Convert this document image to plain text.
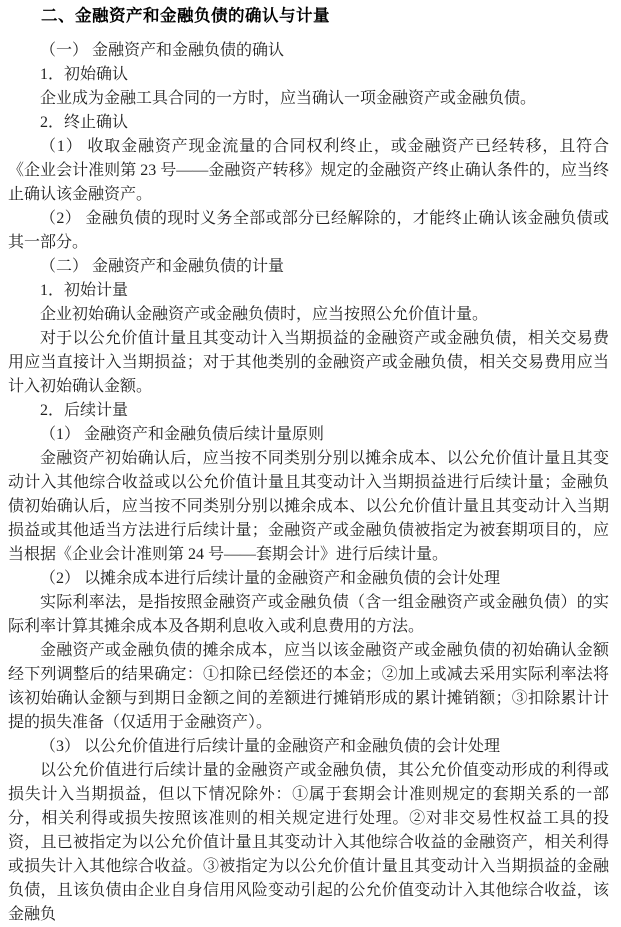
二、金融资产和金融负债的确认与计量

（一） 金融资产和金融负债的确认

1．初始确认

企业成为金融工具合同的一方时，应当确认一项金融资产或金融负债。

2．终止确认

（1） 收取金融资产现金流量的合同权利终止，或金融资产已经转移，且符合《企业会计准则第 23 号——金融资产转移》规定的金融资产终止确认条件的，应当终止确认该金融资产。

（2） 金融负债的现时义务全部或部分已经解除的，才能终止确认该金融负债或其一部分。

（二） 金融资产和金融负债的计量

1．初始计量

企业初始确认金融资产或金融负债时，应当按照公允价值计量。

对于以公允价值计量且其变动计入当期损益的金融资产或金融负债，相关交易费用应当直接计入当期损益；对于其他类别的金融资产或金融负债，相关交易费用应当计入初始确认金额。

2．后续计量

（1） 金融资产和金融负债后续计量原则

金融资产初始确认后，应当按不同类别分别以摊余成本、以公允价值计量且其变动计入其他综合收益或以公允价值计量且其变动计入当期损益进行后续计量；金融负债初始确认后，应当按不同类别分别以摊余成本、以公允价值计量且其变动计入当期损益或其他适当方法进行后续计量；金融资产或金融负债被指定为被套期项目的，应当根据《企业会计准则第 24 号——套期会计》进行后续计量。

（2） 以摊余成本进行后续计量的金融资产和金融负债的会计处理

实际利率法，是指按照金融资产或金融负债（含一组金融资产或金融负债）的实际利率计算其摊余成本及各期利息收入或利息费用的方法。

金融资产或金融负债的摊余成本，应当以该金融资产或金融负债的初始确认金额经下列调整后的结果确定：①扣除已经偿还的本金；②加上或减去采用实际利率法将该初始确认金额与到期日金额之间的差额进行摊销形成的累计摊销额；③扣除累计计提的损失准备（仅适用于金融资产）。

（3） 以公允价值进行后续计量的金融资产和金融负债的会计处理

以公允价值进行后续计量的金融资产或金融负债，其公允价值变动形成的利得或损失计入当期损益，但以下情况除外：①属于套期会计准则规定的套期关系的一部分，相关利得或损失按照该准则的相关规定进行处理。②对非交易性权益工具的投资，且已被指定为以公允价值计量且其变动计入其他综合收益的金融资产，相关利得或损失计入其他综合收益。③被指定为以公允价值计量且其变动计入当期损益的金融负债，且该负债由企业自身信用风险变动引起的公允价值变动计入其他综合收益，该金融负
